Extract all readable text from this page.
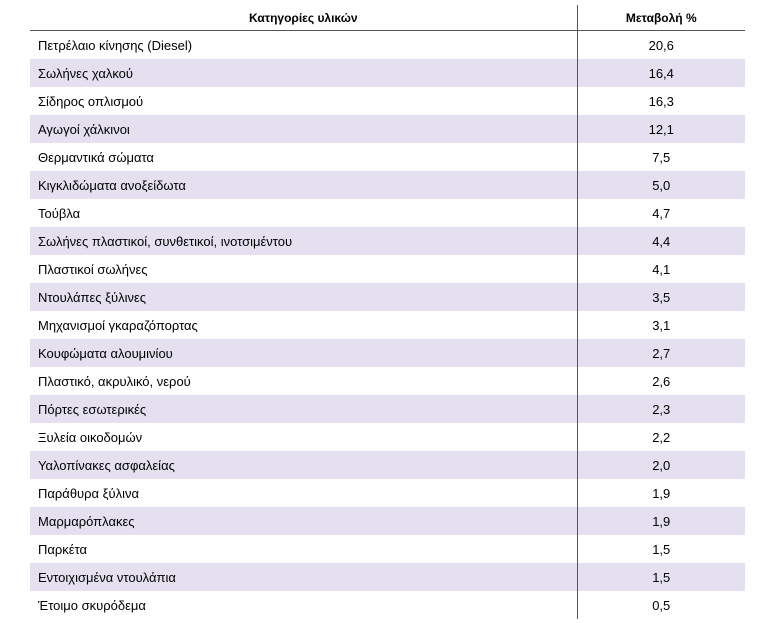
Κατηγορίες υλικών	Μεταβολή %
Πετρέλαιο κίνησης (Diesel)	20,6
Σωλήνες χαλκού	16,4
Σίδηρος οπλισμού	16,3
Αγωγοί χάλκινοι	12,1
Θερμαντικά σώματα	7,5
Κιγκλιδώματα ανοξείδωτα	5,0
Τούβλα	4,7
Σωλήνες πλαστικοί, συνθετικοί, ινοτσιμέντου	4,4
Πλαστικοί σωλήνες	4,1
Ντουλάπες ξύλινες	3,5
Μηχανισμοί γκαραζόπορτας	3,1
Κουφώματα αλουμινίου	2,7
Πλαστικό, ακρυλικό, νερού	2,6
Πόρτες εσωτερικές	2,3
Ξυλεία οικοδομών	2,2
Υαλοπίνακες ασφαλείας	2,0
Παράθυρα ξύλινα	1,9
Μαρμαρόπλακες	1,9
Παρκέτα	1,5
Εντοιχισμένα ντουλάπια	1,5
Έτοιμο σκυρόδεμα	0,5
